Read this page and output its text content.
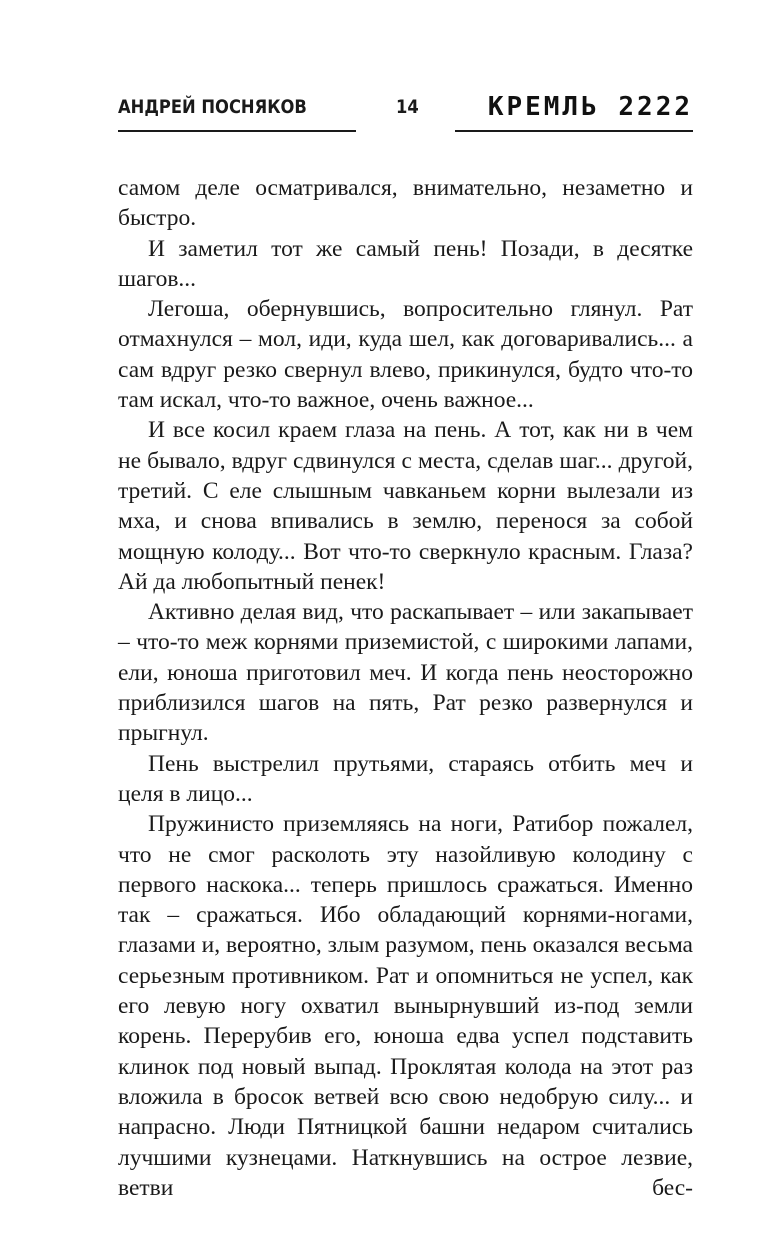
АНДРЕЙ ПОСНЯКОВ	14	КРЕМЛЬ 2222

самом деле осматривался, внимательно, незаметно и быстро.

И заметил тот же самый пень! Позади, в десятке шагов...

Легоша, обернувшись, вопросительно глянул. Рат отмахнулся – мол, иди, куда шел, как договаривались... а сам вдруг резко свернул влево, прикинулся, будто что-то там искал, что-то важное, очень важное...

И все косил краем глаза на пень. А тот, как ни в чем не бывало, вдруг сдвинулся с места, сделав шаг... другой, третий. С еле слышным чавканьем корни вылезали из мха, и снова впивались в землю, перенося за собой мощную колоду... Вот что-то сверкнуло красным. Глаза? Ай да любопытный пенек!

Активно делая вид, что раскапывает – или закапывает – что-то меж корнями приземистой, с широкими лапами, ели, юноша приготовил меч. И когда пень неосторожно приблизился шагов на пять, Рат резко развернулся и прыгнул.

Пень выстрелил прутьями, стараясь отбить меч и целя в лицо...

Пружинисто приземляясь на ноги, Ратибор пожалел, что не смог расколоть эту назойливую колодину с первого наскока... теперь пришлось сражаться. Именно так – сражаться. Ибо обладающий корнями-ногами, глазами и, вероятно, злым разумом, пень оказался весьма серьезным противником. Рат и опомниться не успел, как его левую ногу охватил вынырнувший из-под земли корень. Перерубив его, юноша едва успел подставить клинок под новый выпад. Проклятая колода на этот раз вложила в бросок ветвей всю свою недобрую силу... и напрасно. Люди Пятницкой башни недаром считались лучшими кузнецами. Наткнувшись на острое лезвие, ветви бес-
